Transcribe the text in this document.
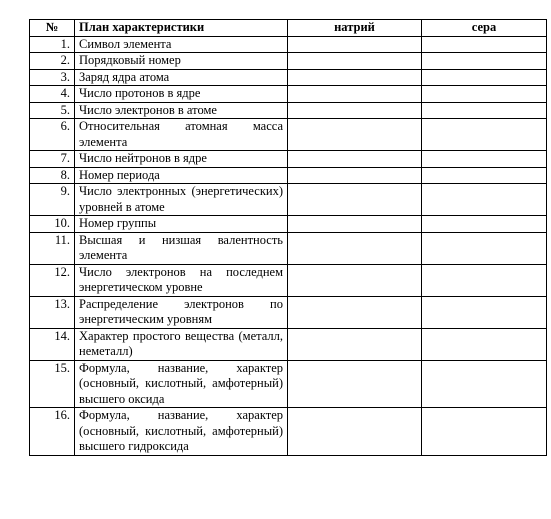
№	План характеристики	натрий	сера
1.	Символ элемента		
2.	Порядковый номер		
3.	Заряд ядра атома		
4.	Число протонов в ядре		
5.	Число электронов в атоме		
6.	Относительная атомная масса элемента		
7.	Число нейтронов в ядре		
8.	Номер периода		
9.	Число электронных (энергетических) уровней в атоме		
10.	Номер группы		
11.	Высшая и низшая валентность элемента		
12.	Число электронов на последнем энергетическом уровне		
13.	Распределение электронов по энергетическим уровням		
14.	Характер простого вещества (металл, неметалл)		
15.	Формула, название, характер (основный, кислотный, амфотерный) высшего оксида		
16.	Формула, название, характер (основный, кислотный, амфотерный) высшего гидроксида		
